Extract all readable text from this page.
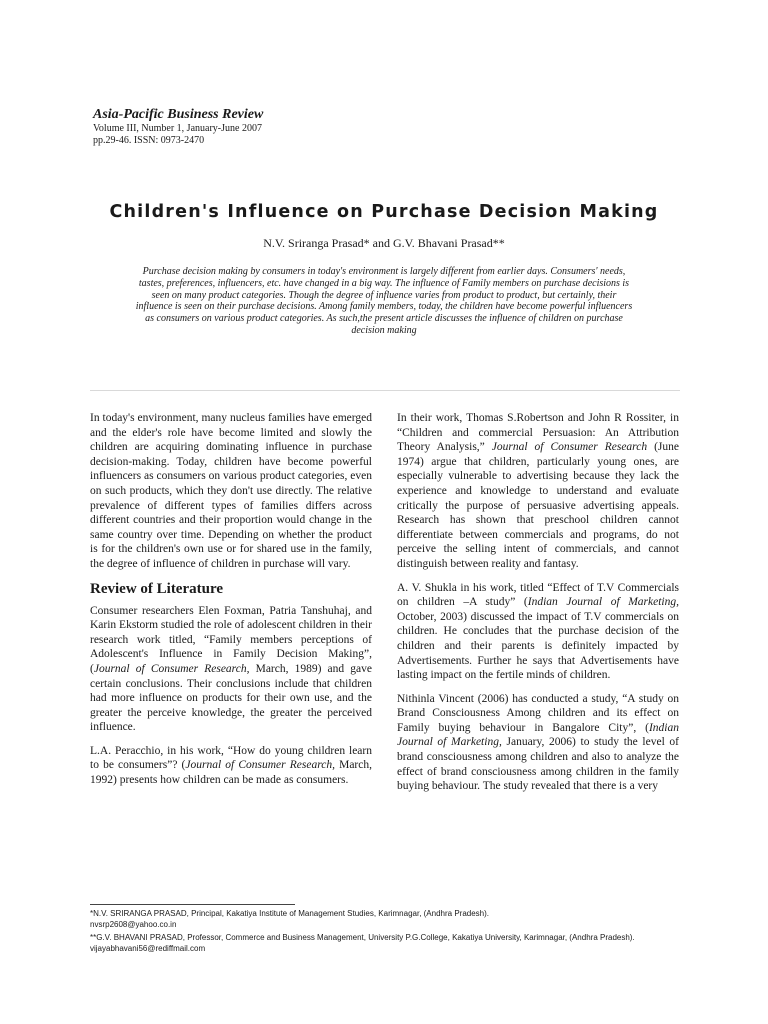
Asia-Pacific Business Review

Volume III, Number 1, January-June 2007

pp.29-46. ISSN: 0973-2470

Children's Influence on Purchase Decision Making

N.V. Sriranga Prasad* and G.V. Bhavani Prasad**

Purchase decision making by consumers in today's environment is largely different from earlier days. Consumers' needs, tastes, preferences, influencers, etc. have changed in a big way. The influence of Family members on purchase decisions is seen on many product categories. Though the degree of influence varies from product to product, but certainly, their influence is seen on their purchase decisions. Among family members, today, the children have become powerful influencers as consumers on various product categories. As such,the present article discusses the influence of children on purchase decision making

In today's environment, many nucleus families have emerged and the elder's role have become limited and slowly the children are acquiring dominating influence in purchase decision-making. Today, children have become powerful influencers as consumers on various product categories, even on such products, which they don't use directly. The relative prevalence of different types of families differs across different countries and their proportion would change in the same country over time. Depending on whether the product is for the children's own use or for shared use in the family, the degree of influence of children in purchase will vary.

Review of Literature

Consumer researchers Elen Foxman, Patria Tanshuhaj, and Karin Ekstorm studied the role of adolescent children in their research work titled, “Family members perceptions of Adolescent's Influence in Family Decision Making”, (Journal of Consumer Research, March, 1989) and gave certain conclusions. Their conclusions include that children had more influence on products for their own use, and the greater the perceive knowledge, the greater the perceived influence.

L.A. Peracchio, in his work, “How do young children learn to be consumers”? (Journal of Consumer Research, March, 1992) presents how children can be made as consumers.

In their work, Thomas S.Robertson and John R Rossiter, in “Children and commercial Persuasion: An Attribution Theory Analysis,” Journal of Consumer Research (June 1974) argue that children, particularly young ones, are especially vulnerable to advertising because they lack the experience and knowledge to understand and evaluate critically the purpose of persuasive advertising appeals. Research has shown that preschool children cannot differentiate between commercials and programs, do not perceive the selling intent of commercials, and cannot distinguish between reality and fantasy.

A. V. Shukla in his work, titled “Effect of T.V Commercials on children –A study” (Indian Journal of Marketing, October, 2003) discussed the impact of T.V commercials on children. He concludes that the purchase decision of the children and their parents is definitely impacted by Advertisements. Further he says that Advertisements have lasting impact on the fertile minds of children.

Nithinla Vincent (2006) has conducted a study, “A study on Brand Consciousness Among children and its effect on Family buying behaviour in Bangalore City”, (Indian Journal of Marketing, January, 2006) to study the level of brand consciousness among children and also to analyze the effect of brand consciousness among children in the family buying behaviour. The study revealed that there is a very

*N.V. SRIRANGA PRASAD, Principal, Kakatiya Institute of Management Studies, Karimnagar, (Andhra Pradesh).
nvsrp2608@yahoo.co.in

**G.V. BHAVANI PRASAD, Professor, Commerce and Business Management, University P.G.College, Kakatiya University, Karimnagar, (Andhra Pradesh).
vijayabhavani56@rediffmail.com
